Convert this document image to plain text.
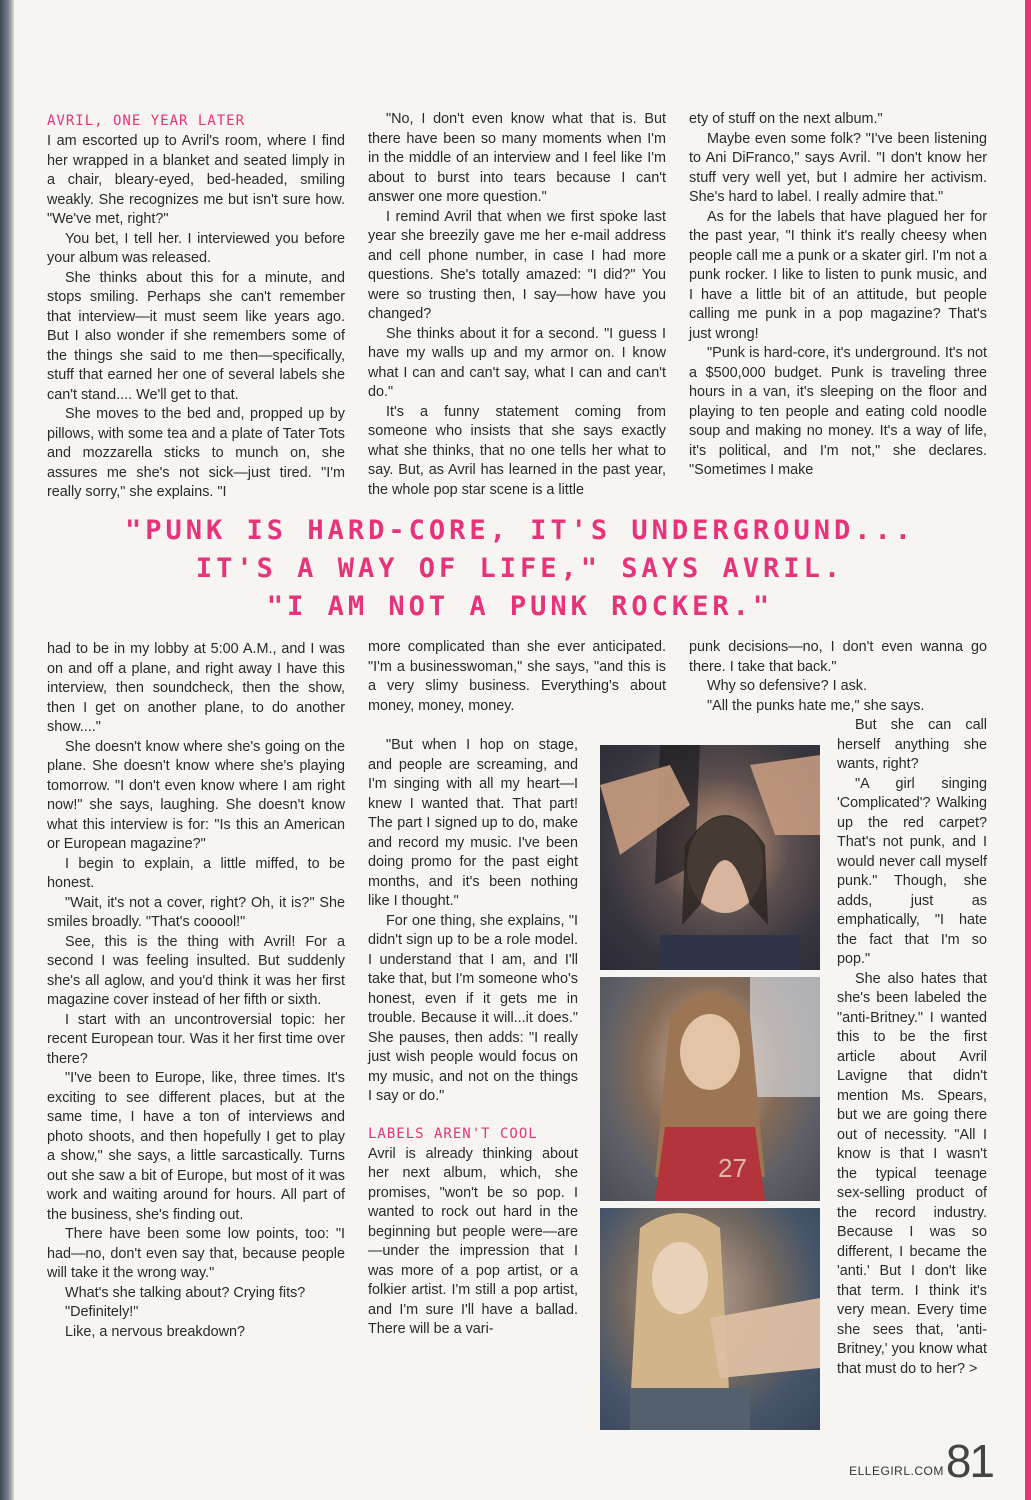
AVRIL, ONE YEAR LATER

I am escorted up to Avril's room, where I find her wrapped in a blanket and seated limply in a chair, bleary-eyed, bed-headed, smiling weakly. She recognizes me but isn't sure how. "We've met, right?"

You bet, I tell her. I interviewed you before your album was released.

She thinks about this for a minute, and stops smiling. Perhaps she can't remember that interview—it must seem like years ago. But I also wonder if she remembers some of the things she said to me then—specifically, stuff that earned her one of several labels she can't stand.... We'll get to that.

She moves to the bed and, propped up by pillows, with some tea and a plate of Tater Tots and mozzarella sticks to munch on, she assures me she's not sick—just tired. "I'm really sorry," she explains. "I

"No, I don't even know what that is. But there have been so many moments when I'm in the middle of an interview and I feel like I'm about to burst into tears because I can't answer one more question."

I remind Avril that when we first spoke last year she breezily gave me her e-mail address and cell phone number, in case I had more questions. She's totally amazed: "I did?" You were so trusting then, I say—how have you changed?

She thinks about it for a second. "I guess I have my walls up and my armor on. I know what I can and can't say, what I can and can't do."

It's a funny statement coming from someone who insists that she says exactly what she thinks, that no one tells her what to say. But, as Avril has learned in the past year, the whole pop star scene is a little

ety of stuff on the next album."

Maybe even some folk? "I've been listening to Ani DiFranco," says Avril. "I don't know her stuff very well yet, but I admire her activism. She's hard to label. I really admire that."

As for the labels that have plagued her for the past year, "I think it's really cheesy when people call me a punk or a skater girl. I'm not a punk rocker. I like to listen to punk music, and I have a little bit of an attitude, but people calling me punk in a pop magazine? That's just wrong!

"Punk is hard-core, it's underground. It's not a $500,000 budget. Punk is traveling three hours in a van, it's sleeping on the floor and playing to ten people and eating cold noodle soup and making no money. It's a way of life, it's political, and I'm not," she declares. "Sometimes I make

"PUNK IS HARD-CORE, IT'S UNDERGROUND...
IT'S A WAY OF LIFE," SAYS AVRIL.
"I AM NOT A PUNK ROCKER."

had to be in my lobby at 5:00 A.M., and I was on and off a plane, and right away I have this interview, then soundcheck, then the show, then I get on another plane, to do another show...."

She doesn't know where she's going on the plane. She doesn't know where she's playing tomorrow. "I don't even know where I am right now!" she says, laughing. She doesn't know what this interview is for: "Is this an American or European magazine?"

I begin to explain, a little miffed, to be honest.

"Wait, it's not a cover, right? Oh, it is?" She smiles broadly. "That's cooool!"

See, this is the thing with Avril! For a second I was feeling insulted. But suddenly she's all aglow, and you'd think it was her first magazine cover instead of her fifth or sixth.

I start with an uncontroversial topic: her recent European tour. Was it her first time over there?

"I've been to Europe, like, three times. It's exciting to see different places, but at the same time, I have a ton of interviews and photo shoots, and then hopefully I get to play a show," she says, a little sarcastically. Turns out she saw a bit of Europe, but most of it was work and waiting around for hours. All part of the business, she's finding out.

There have been some low points, too: "I had—no, don't even say that, because people will take it the wrong way."

What's she talking about? Crying fits?

"Definitely!"

Like, a nervous breakdown?

more complicated than she ever anticipated. "I'm a businesswoman," she says, "and this is a very slimy business. Everything's about money, money, money.

"But when I hop on stage, and people are screaming, and I'm singing with all my heart—I knew I wanted that. That part! The part I signed up to do, make and record my music. I've been doing promo for the past eight months, and it's been nothing like I thought."

For one thing, she explains, "I didn't sign up to be a role model. I understand that I am, and I'll take that, but I'm someone who's honest, even if it gets me in trouble. Because it will...it does." She pauses, then adds: "I really just wish people would focus on my music, and not on the things I say or do."

LABELS AREN'T COOL

Avril is already thinking about her next album, which, she promises, "won't be so pop. I wanted to rock out hard in the beginning but people were—are—under the impression that I was more of a pop artist, or a folkier artist. I'm still a pop artist, and I'm sure I'll have a ballad. There will be a vari-

punk decisions—no, I don't even wanna go there. I take that back."

Why so defensive? I ask.

"All the punks hate me," she says.

But she can call herself anything she wants, right?

"A girl singing 'Complicated'? Walking up the red carpet? That's not punk, and I would never call myself punk." Though, she adds, just as emphatically, "I hate the fact that I'm so pop."

She also hates that she's been labeled the "anti-Britney." I wanted this to be the first article about Avril Lavigne that didn't mention Ms. Spears, but we are going there out of necessity. "All I know is that I wasn't the typical teenage sex-selling product of the record industry. Because I was so different, I became the 'anti.' But I don't like that term. I think it's very mean. Every time she sees that, 'anti-Britney,' you know what that must do to her? >

27
ELLEGIRL.COM 81
